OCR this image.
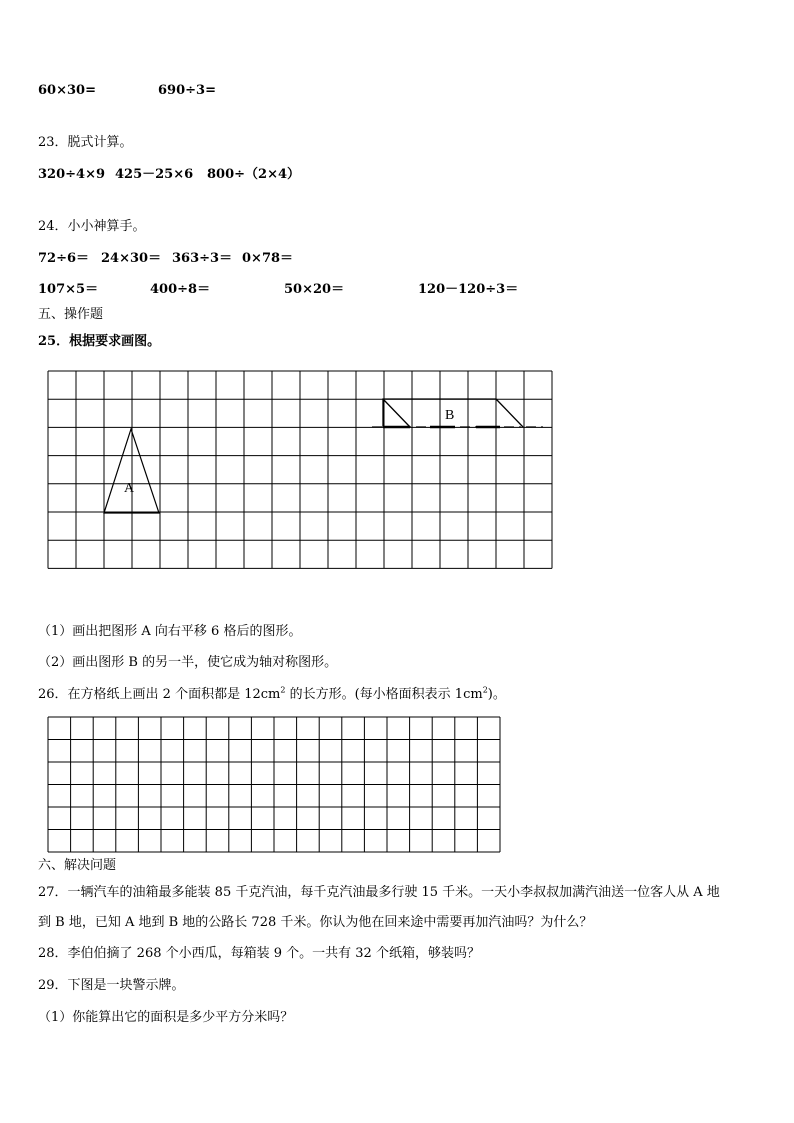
60×30=	690÷3=
23．脱式计算。
320÷4×9 425－25×6 800÷（2×4）
24．小小神算手。
72÷6＝ 24×30＝ 363÷3＝ 0×78＝
107×5＝	400÷8＝	50×20＝	120－120÷3＝
五、操作题
25．根据要求画图。
A
B
（1）画出把图形 A 向右平移 6 格后的图形。
（2）画出图形 B 的另一半，使它成为轴对称图形。
26．在方格纸上画出 2 个面积都是 $12cm^2$ 的长方形。(每小格面积表示 $1cm^2$)。
六、解决问题
27．一辆汽车的油箱最多能装 85 千克汽油，每千克汽油最多行驶 15 千米。一天小李叔叔加满汽油送一位客人从 A 地
到 B 地，已知 A 地到 B 地的公路长 728 千米。你认为他在回来途中需要再加汽油吗？为什么？
28．李伯伯摘了 268 个小西瓜，每箱装 9 个。一共有 32 个纸箱，够装吗？
29．下图是一块警示牌。
（1）你能算出它的面积是多少平方分米吗？
